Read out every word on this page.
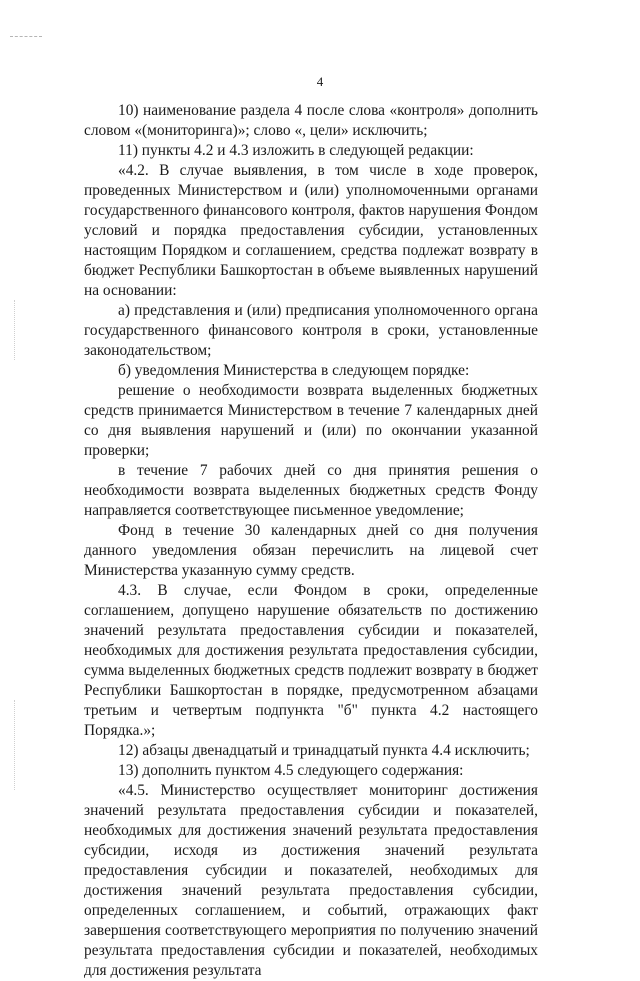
4

10) наименование раздела 4 после слова «контроля» дополнить словом «(мониторинга)»; слово «, цели» исключить;

11) пункты 4.2 и 4.3 изложить в следующей редакции:

«4.2. В случае выявления, в том числе в ходе проверок, проведенных Министерством и (или) уполномоченными органами государственного финансового контроля, фактов нарушения Фондом условий и порядка предоставления субсидии, установленных настоящим Порядком и соглашением, средства подлежат возврату в бюджет Республики Башкортостан в объеме выявленных нарушений на основании:

а) представления и (или) предписания уполномоченного органа государственного финансового контроля в сроки, установленные законодательством;

б) уведомления Министерства в следующем порядке:

решение о необходимости возврата выделенных бюджетных средств принимается Министерством в течение 7 календарных дней со дня выявления нарушений и (или) по окончании указанной проверки;

в течение 7 рабочих дней со дня принятия решения о необходимости возврата выделенных бюджетных средств Фонду направляется соответствующее письменное уведомление;

Фонд в течение 30 календарных дней со дня получения данного уведомления обязан перечислить на лицевой счет Министерства указанную сумму средств.

4.3. В случае, если Фондом в сроки, определенные соглашением, допущено нарушение обязательств по достижению значений результата предоставления субсидии и показателей, необходимых для достижения результата предоставления субсидии, сумма выделенных бюджетных средств подлежит возврату в бюджет Республики Башкортостан в порядке, предусмотренном абзацами третьим и четвертым подпункта "б" пункта 4.2 настоящего Порядка.»;

12) абзацы двенадцатый и тринадцатый пункта 4.4 исключить;

13) дополнить пунктом 4.5 следующего содержания:

«4.5. Министерство осуществляет мониторинг достижения значений результата предоставления субсидии и показателей, необходимых для достижения значений результата предоставления субсидии, исходя из достижения значений результата предоставления субсидии и показателей, необходимых для достижения значений результата предоставления субсидии, определенных соглашением, и событий, отражающих факт завершения соответствующего мероприятия по получению значений результата предоставления субсидии и показателей, необходимых для достижения результата
